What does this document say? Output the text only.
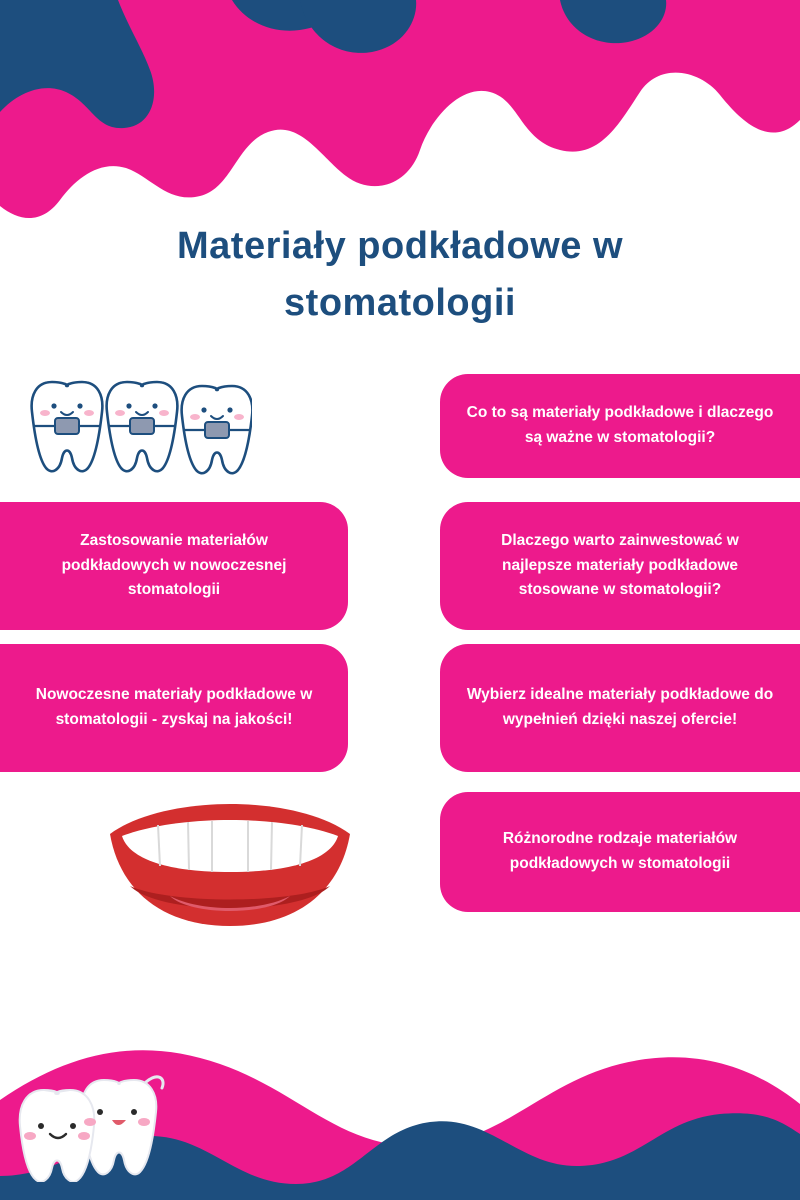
Materiały podkładowe w stomatologii
Co to są materiały podkładowe i dlaczego są ważne w stomatologii?
Dlaczego warto zainwestować w najlepsze materiały podkładowe stosowane w stomatologii?
Wybierz idealne materiały podkładowe do wypełnień dzięki naszej ofercie!
Różnorodne rodzaje materiałów podkładowych w stomatologii
Zastosowanie materiałów podkładowych w nowoczesnej stomatologii
Nowoczesne materiały podkładowe w stomatologii - zyskaj na jakości!
